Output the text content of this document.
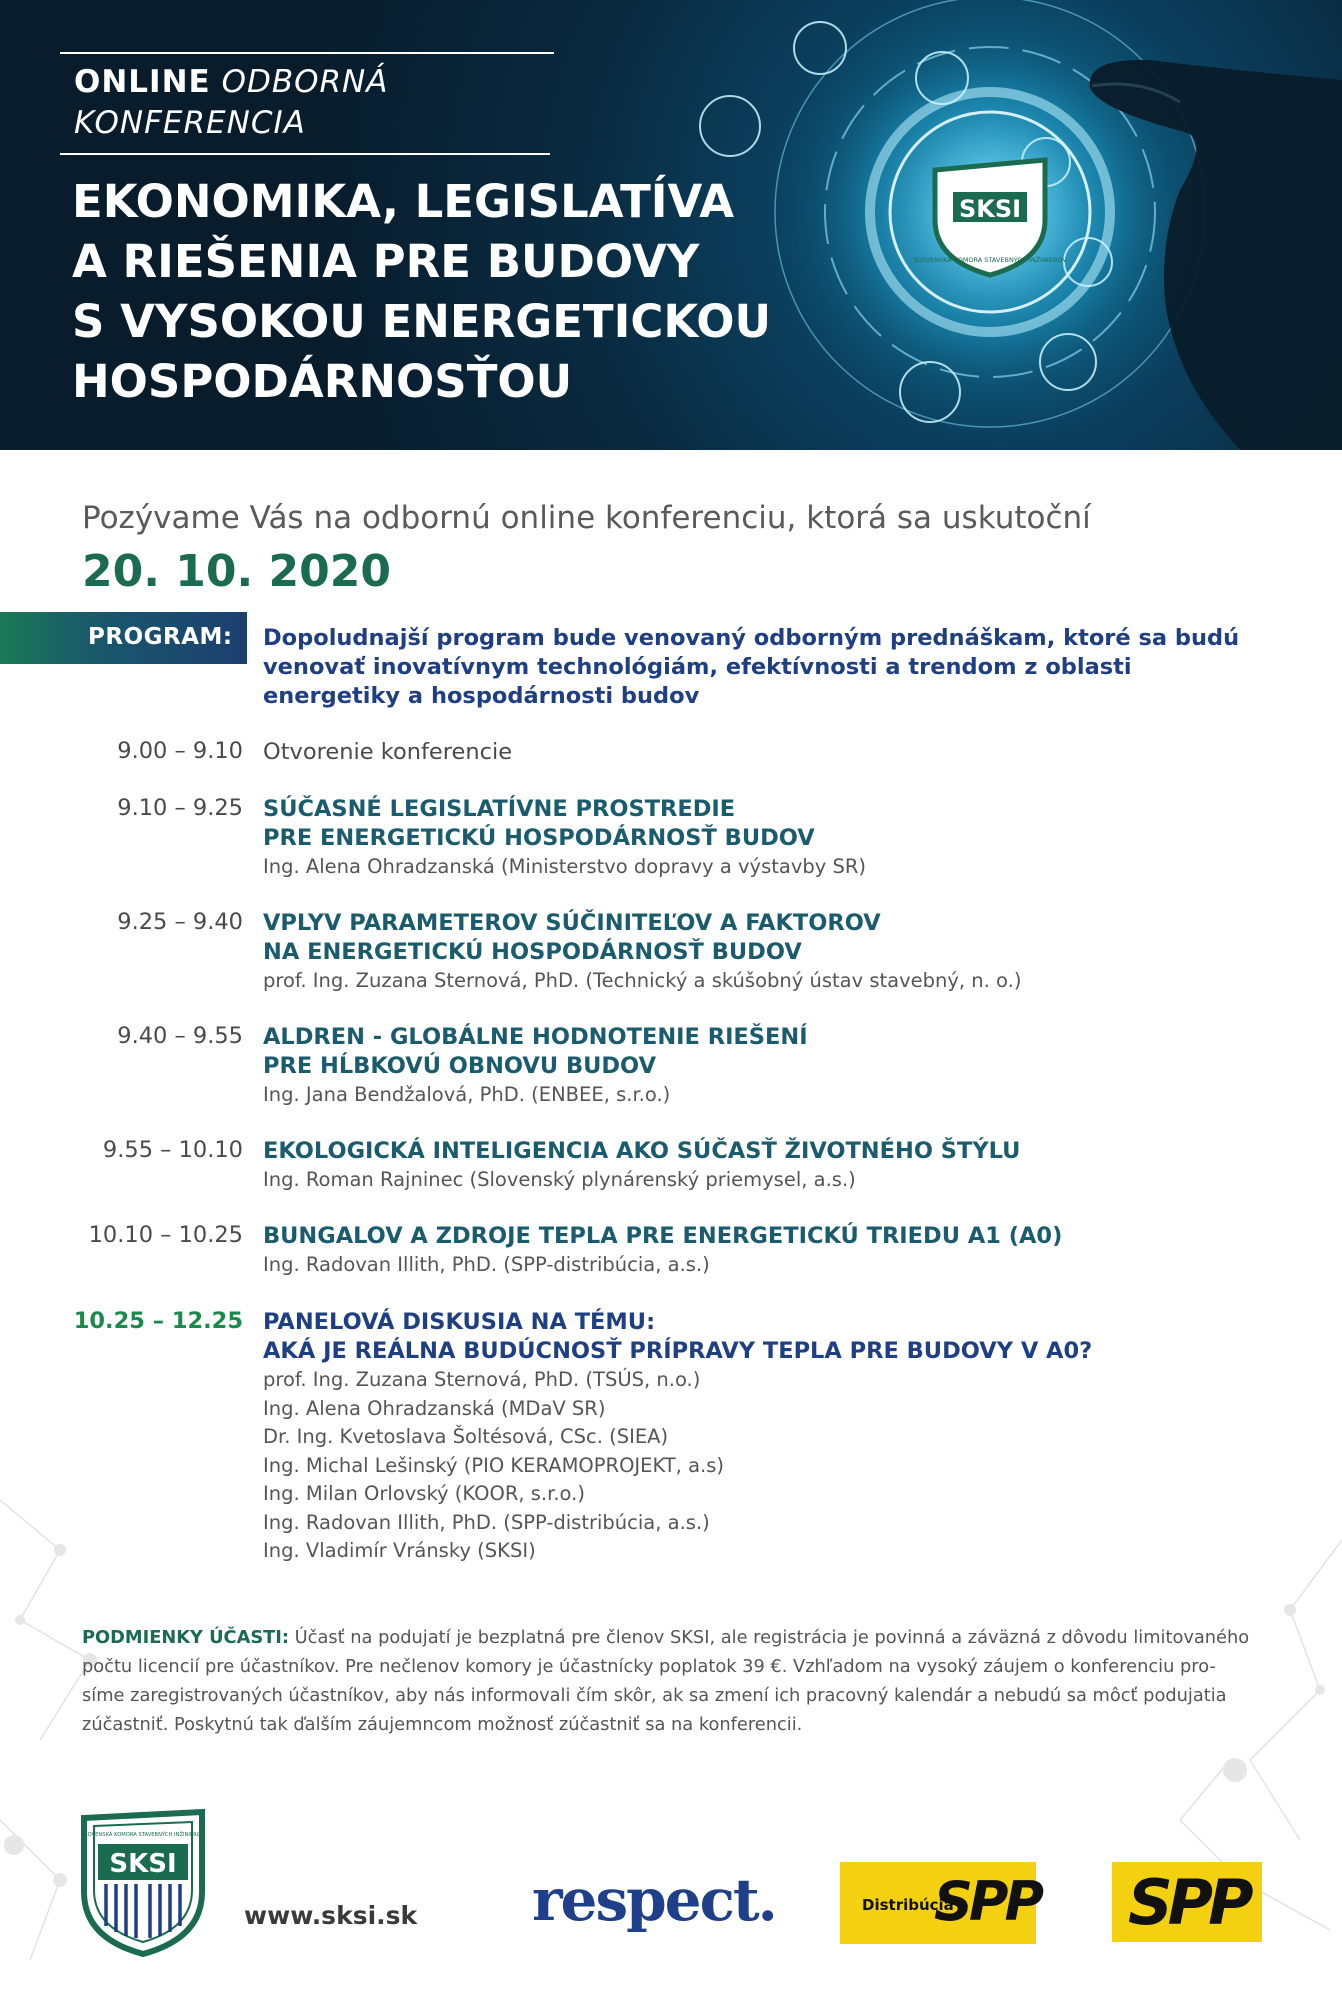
ONLINE ODBORNÁ
KONFERENCIA
EKONOMIKA, LEGISLATÍVA
A RIEŠENIA PRE BUDOVY
S VYSOKOU ENERGETICKOU
HOSPODÁRNOSŤOU
SKSI
SLOVENSKÁ KOMORA STAVEBNÝCH INŽINIEROV
Pozývame Vás na odbornú online konferenciu, ktorá sa uskutoční
20. 10. 2020
PROGRAM: Dopoludnajší program bude venovaný odborným prednáškam, ktoré sa budú
venovať inovatívnym technológiám, efektívnosti a trendom z oblasti
energetiky a hospodárnosti budov
9.00 – 9.10 Otvorenie konferencie
9.10 – 9.25 SÚČASNÉ LEGISLATÍVNE PROSTREDIE
PRE ENERGETICKÚ HOSPODÁRNOSŤ BUDOV
Ing. Alena Ohradzanská (Ministerstvo dopravy a výstavby SR)
9.25 – 9.40 VPLYV PARAMETEROV SÚČINITEĽOV A FAKTOROV
NA ENERGETICKÚ HOSPODÁRNOSŤ BUDOV
prof. Ing. Zuzana Sternová, PhD. (Technický a skúšobný ústav stavebný, n. o.)
9.40 – 9.55 ALDREN - GLOBÁLNE HODNOTENIE RIEŠENÍ
PRE HĹBKOVÚ OBNOVU BUDOV
Ing. Jana Bendžalová, PhD. (ENBEE, s.r.o.)
9.55 – 10.10 EKOLOGICKÁ INTELIGENCIA AKO SÚČASŤ ŽIVOTNÉHO ŠTÝLU
Ing. Roman Rajninec (Slovenský plynárenský priemysel, a.s.)
10.10 – 10.25 BUNGALOV A ZDROJE TEPLA PRE ENERGETICKÚ TRIEDU A1 (A0)
Ing. Radovan Illith, PhD. (SPP-distribúcia, a.s.)
10.25 – 12.25 PANELOVÁ DISKUSIA NA TÉMU:
AKÁ JE REÁLNA BUDÚCNOSŤ PRÍPRAVY TEPLA PRE BUDOVY V A0?
prof. Ing. Zuzana Sternová, PhD. (TSÚS, n.o.)
Ing. Alena Ohradzanská (MDaV SR)
Dr. Ing. Kvetoslava Šoltésová, CSc. (SIEA)
Ing. Michal Lešinský (PIO KERAMOPROJEKT, a.s)
Ing. Milan Orlovský (KOOR, s.r.o.)
Ing. Radovan Illith, PhD. (SPP-distribúcia, a.s.)
Ing. Vladimír Vránsky (SKSI)
PODMIENKY ÚČASTI: Účasť na podujatí je bezplatná pre členov SKSI, ale registrácia je povinná a záväzná z dôvodu limitovaného
počtu licencií pre účastníkov. Pre nečlenov komory je účastnícky poplatok 39 €. Vzhľadom na vysoký záujem o konferenciu pro-
síme zaregistrovaných účastníkov, aby nás informovali čím skôr, ak sa zmení ich pracovný kalendár a nebudú sa môcť podujatia
zúčastniť. Poskytnú tak ďalším záujemncom možnosť zúčastniť sa na konferencii.
SKSI
SLOVENSKÁ KOMORA STAVEBNÝCH INŽINIEROV
www.sksi.sk respect.	Distribúcia
SPP SPP
